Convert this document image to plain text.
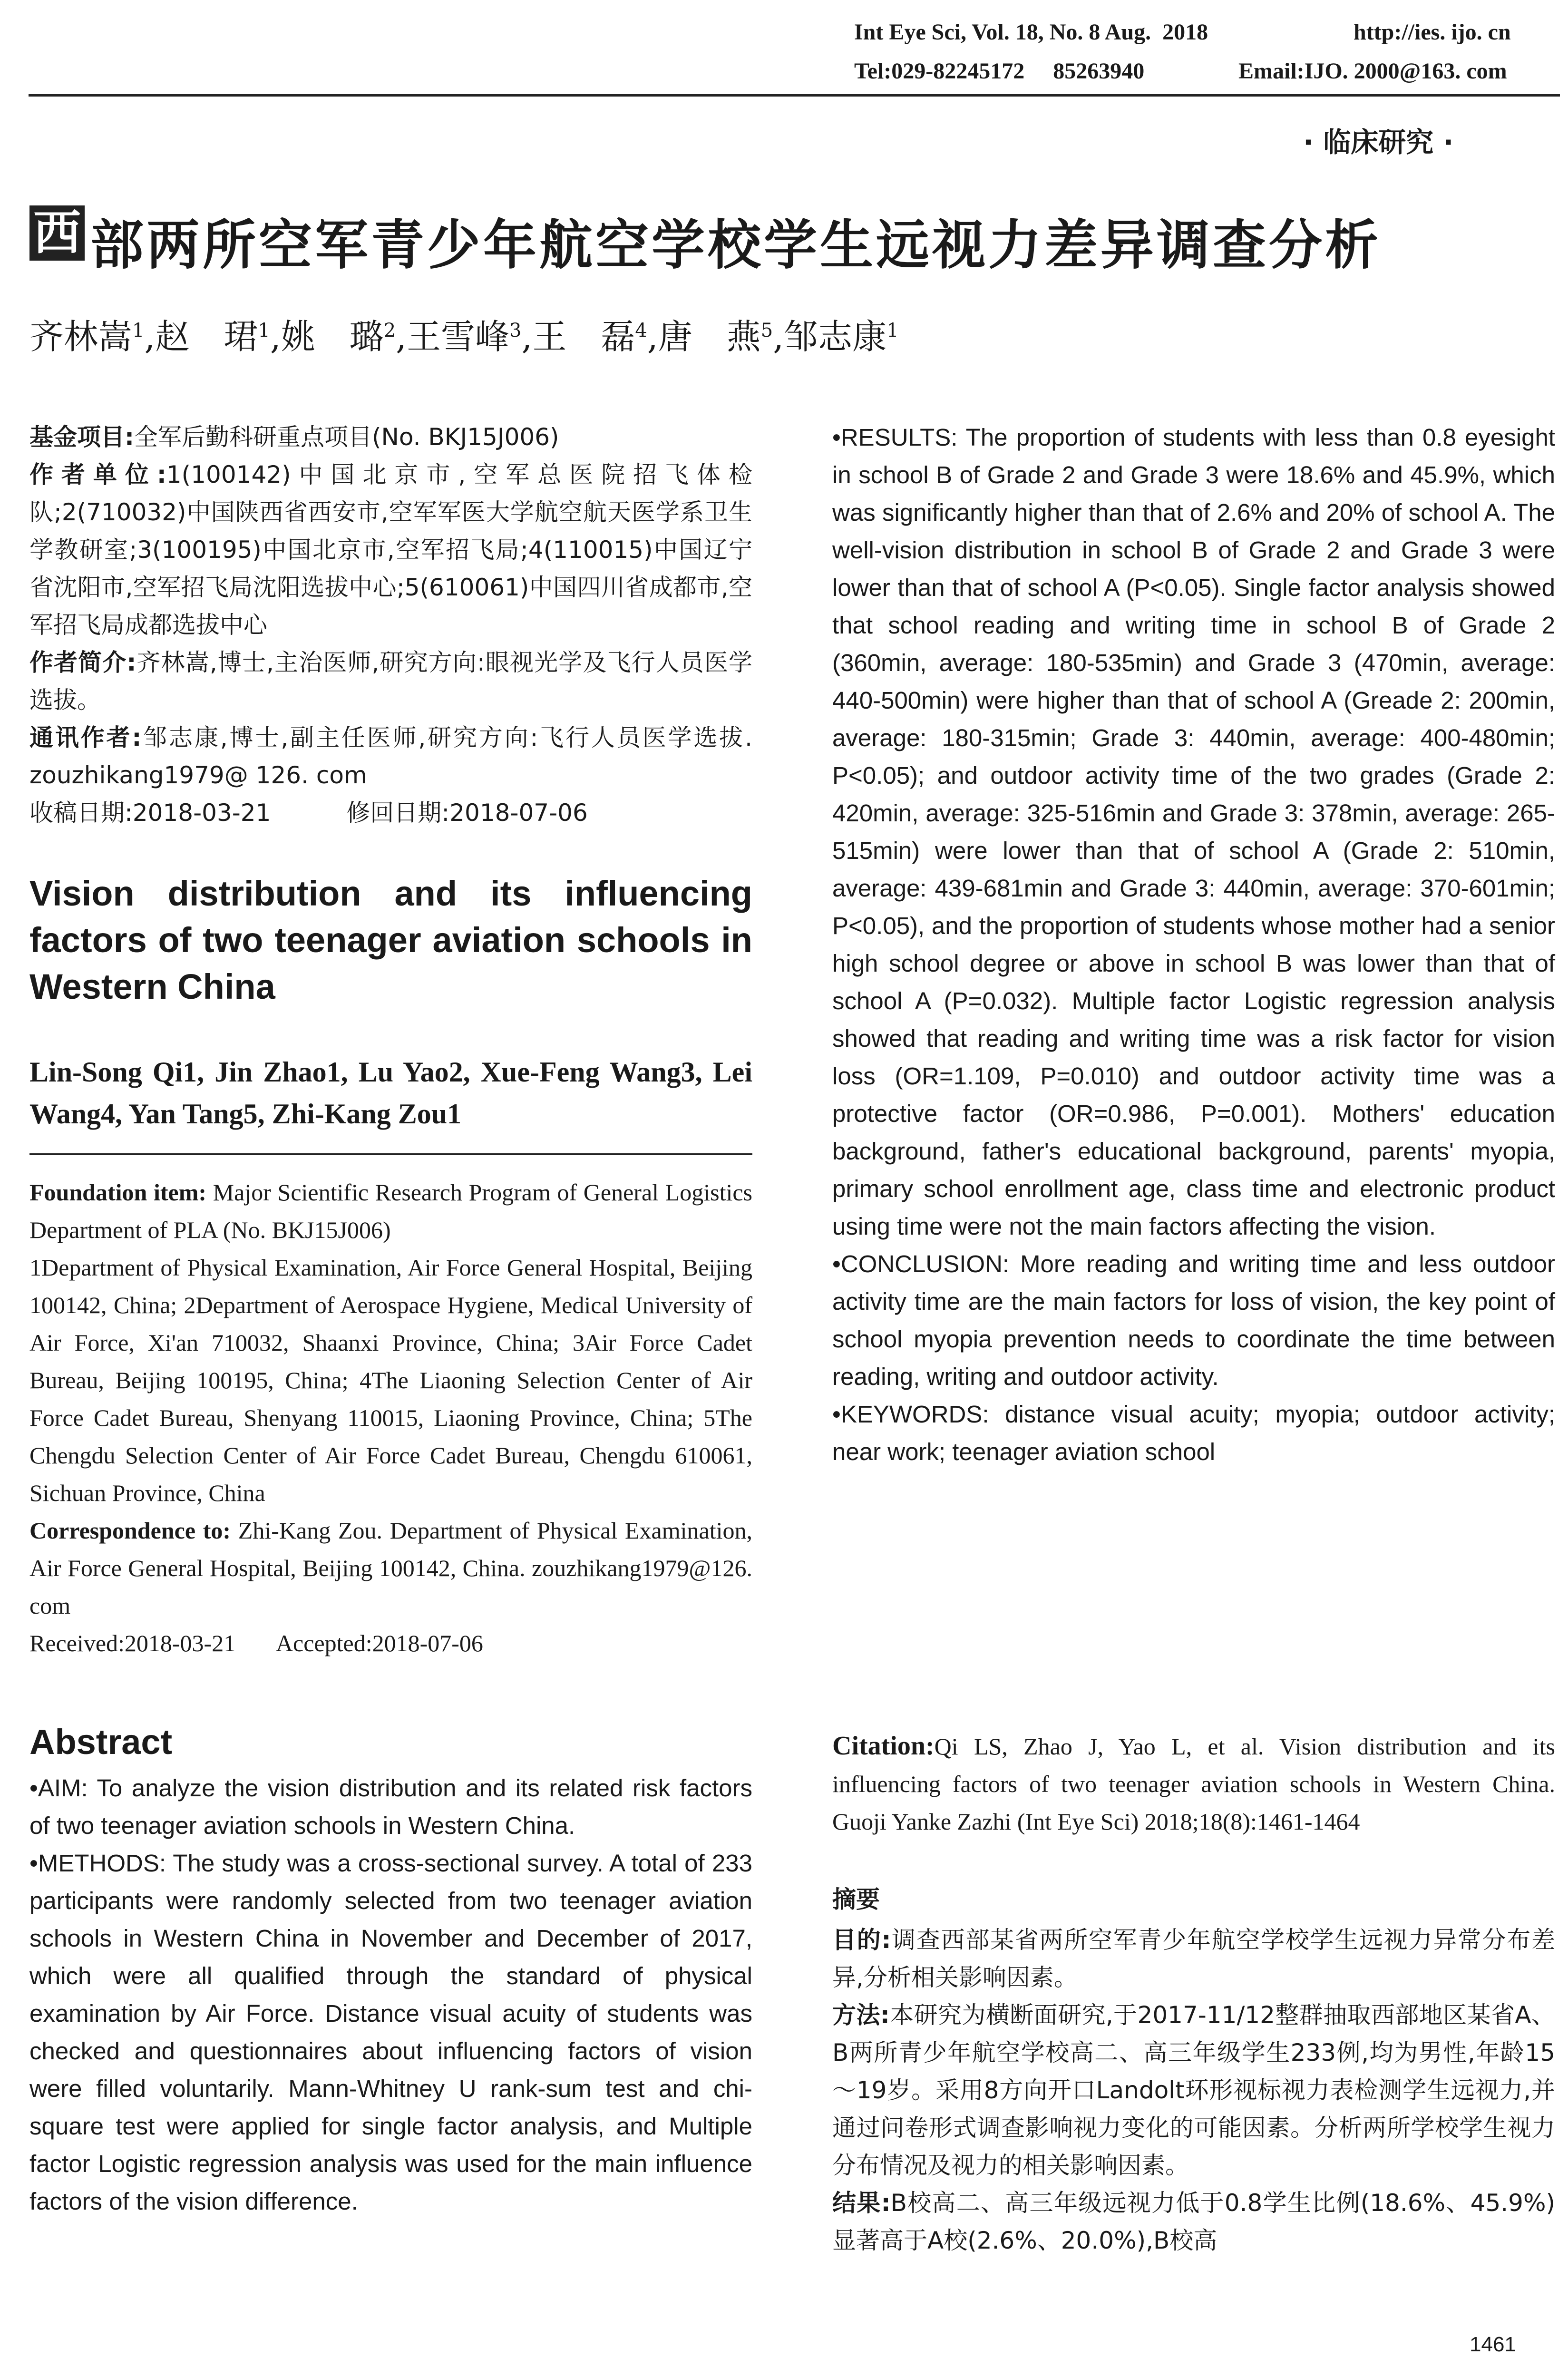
Int Eye Sci, Vol. 18, No. 8 Aug.  2018	http://ies. ijo. cn
Tel:029-82245172     85263940	Email:IJO. 2000@163. com
· 临床研究 ·
西 部两所空军青少年航空学校学生远视力差异调查分析
齐林嵩$^1$,赵　珺$^1$,姚　璐$^2$,王雪峰$^3$,王　磊$^4$,唐　燕$^5$,邹志康$^1$

基金项目:全军后勤科研重点项目(No. BKJ15J006)

作者单位:1(100142)中国北京市,空军总医院招飞体检队;2(710032)中国陕西省西安市,空军军医大学航空航天医学系卫生学教研室;3(100195)中国北京市,空军招飞局;4(110015)中国辽宁省沈阳市,空军招飞局沈阳选拔中心;5(610061)中国四川省成都市,空军招飞局成都选拔中心

作者简介:齐林嵩,博士,主治医师,研究方向:眼视光学及飞行人员医学选拔。

通讯作者:邹志康,博士,副主任医师,研究方向:飞行人员医学选拔. zouzhikang1979@ 126. com

收稿日期:2018-03-21          修回日期:2018-07-06

Vision distribution and its influencing factors of two teenager aviation schools in Western China
Lin-Song Qi1, Jin Zhao1, Lu Yao2, Xue-Feng Wang3, Lei Wang4, Yan Tang5, Zhi-Kang Zou1

Foundation item: Major Scientific Research Program of General Logistics Department of PLA (No. BKJ15J006)

1Department of Physical Examination, Air Force General Hospital, Beijing 100142, China; 2Department of Aerospace Hygiene, Medical University of Air Force, Xi'an 710032, Shaanxi Province, China; 3Air Force Cadet Bureau, Beijing 100195, China; 4The Liaoning Selection Center of Air Force Cadet Bureau, Shenyang 110015, Liaoning Province, China; 5The Chengdu Selection Center of Air Force Cadet Bureau, Chengdu 610061, Sichuan Province, China

Correspondence to: Zhi-Kang Zou. Department of Physical Examination, Air Force General Hospital, Beijing 100142, China. zouzhikang1979@126. com

Received:2018-03-21       Accepted:2018-07-06

Abstract

•AIM: To analyze the vision distribution and its related risk factors of two teenager aviation schools in Western China.

•METHODS: The study was a cross-sectional survey. A total of 233 participants were randomly selected from two teenager aviation schools in Western China in November and December of 2017, which were all qualified through the standard of physical examination by Air Force. Distance visual acuity of students was checked and questionnaires about influencing factors of vision were filled voluntarily. Mann-Whitney U rank-sum test and chi-square test were applied for single factor analysis, and Multiple factor Logistic regression analysis was used for the main influence factors of the vision difference.

•RESULTS: The proportion of students with less than 0.8 eyesight in school B of Grade 2 and Grade 3 were 18.6% and 45.9%, which was significantly higher than that of 2.6% and 20% of school A. The well-vision distribution in school B of Grade 2 and Grade 3 were lower than that of school A (P<0.05). Single factor analysis showed that school reading and writing time in school B of Grade 2 (360min, average: 180-535min) and Grade 3 (470min, average: 440-500min) were higher than that of school A (Greade 2: 200min, average: 180-315min; Grade 3: 440min, average: 400-480min; P<0.05); and outdoor activity time of the two grades (Grade 2: 420min, average: 325-516min and Grade 3: 378min, average: 265-515min) were lower than that of school A (Grade 2: 510min, average: 439-681min and Grade 3: 440min, average: 370-601min; P<0.05), and the proportion of students whose mother had a senior high school degree or above in school B was lower than that of school A (P=0.032). Multiple factor Logistic regression analysis showed that reading and writing time was a risk factor for vision loss (OR=1.109, P=0.010) and outdoor activity time was a protective factor (OR=0.986, P=0.001). Mothers' education background, father's educational background, parents' myopia, primary school enrollment age, class time and electronic product using time were not the main factors affecting the vision.

•CONCLUSION: More reading and writing time and less outdoor activity time are the main factors for loss of vision, the key point of school myopia prevention needs to coordinate the time between reading, writing and outdoor activity.

•KEYWORDS: distance visual acuity; myopia; outdoor activity; near work; teenager aviation school

Citation:Qi LS, Zhao J, Yao L, et al. Vision distribution and its influencing factors of two teenager aviation schools in Western China. Guoji Yanke Zazhi (Int Eye Sci) 2018;18(8):1461-1464

摘要

目的:调查西部某省两所空军青少年航空学校学生远视力异常分布差异,分析相关影响因素。

方法:本研究为横断面研究,于2017-11/12整群抽取西部地区某省A、B两所青少年航空学校高二、高三年级学生233例,均为男性,年龄15～19岁。采用8方向开口Landolt环形视标视力表检测学生远视力,并通过问卷形式调查影响视力变化的可能因素。分析两所学校学生视力分布情况及视力的相关影响因素。

结果:B校高二、高三年级远视力低于0.8学生比例(18.6%、45.9%)显著高于A校(2.6%、20.0%),B校高

1461
